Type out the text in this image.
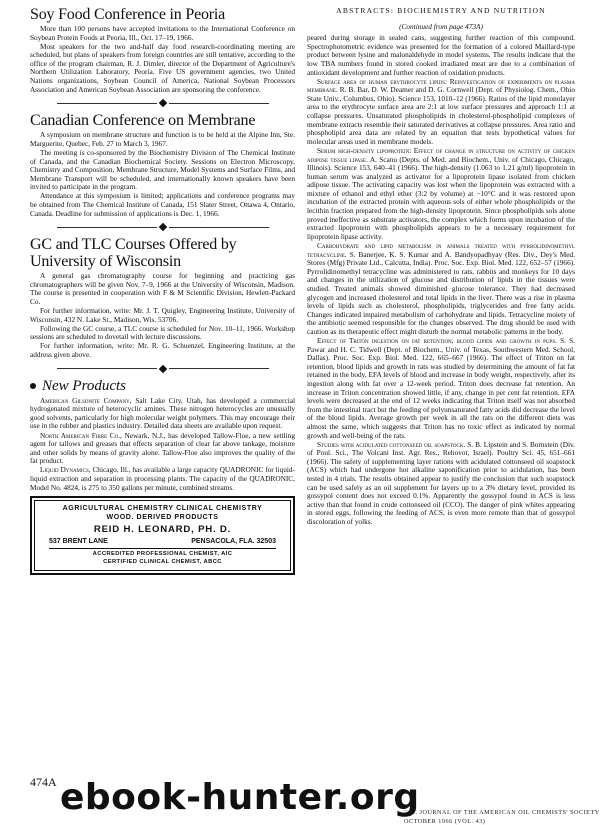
Soy Food Conference in Peoria

More than 100 persons have accepted invitations to the International Conference on Soybean Protein Foods at Peoria, Ill., Oct. 17–19, 1966.

Most speakers for the two and-half day food research-coordinating meeting are scheduled, but plans of speakers from foreign countries are still tentative, according to the office of the program chairman, R. J. Dimler, director of the Department of Agriculture's Northern Utilization Laboratory, Peoria. Five US government agencies, two United Nations organizations, Soybean Council of America, National Soybean Processors Association and American Soybean Association are sponsoring the conference.

Canadian Conference on Membrane

A symposium on membrane structure and function is to be held at the Alpine Inn, Ste. Marguerite, Quebec, Feb. 27 to March 3, 1967.

The meeting is co-sponsored by the Biochemistry Division of The Chemical Institute of Canada, and the Canadian Biochemical Society. Sessions on Electron Microscopy, Chemistry and Composition, Membrane Structure, Model Systems and Surface Films, and Membrane Transport will be scheduled, and internationally known speakers have been invited to participate in the program.

Attendance at this symposium is limited; applications and conference programs may be obtained from The Chemical Institute of Canada, 151 Slater Street, Ottawa 4, Ontario, Canada. Deadline for submission of applications is Dec. 1, 1966.

GC and TLC Courses Offered by University of Wisconsin

A general gas chromatography course for beginning and practicing gas chromatographers will be given Nov. 7–9, 1966 at the University of Wisconsin, Madison. The course is presented in cooperation with F & M Scientific Division, Hewlett-Packard Co.

For further information, write: Mr. J. T. Quigley, Engineering Institute, University of Wisconsin, 432 N. Lake St., Madison, Wis. 53706.

Following the GC course, a TLC course is scheduled for Nov. 10–11, 1966. Workshop sessions are scheduled to dovetail with lecture discussions.

For further information, write: Mr. R. G. Schuenzel, Engineering Institute, at the address given above.

New Products

American Gilsonite Company, Salt Lake City, Utah, has developed a commercial hydrogenated mixture of heterocyclic amines. These nitrogen heterocycles are unusually good solvents, particularly for high molecular weight polymers. This may encourage their use in the rubber and plastics industry. Detailed data sheets are available upon request.

North American Fibre Co., Newark, N.J., has developed Tallow-Floe, a new settling agent for tallows and greases that effects separation of clear fat above tankage, moisture and other solids by means of gravity alone. Tallow-Floe also improves the quality of the fat product.

Liquid Dynamics, Chicago, Ill., has available a large capacity QUADRONIC for liquid-liquid extraction and separation in processing plants. The capacity of the QUADRONIC, Model No. 4824, is 275 to 350 gallons per minute, combined streams.

AGRICULTURAL CHEMISTRY CLINICAL CHEMISTRY
WOOD. DERIVED PRODUCTS
REID H. LEONARD, PH. D.
537 BRENT LANE	PENSACOLA, FLA. 32503
ACCREDITED PROFESSIONAL CHEMIST, AIC
CERTIFIED CLINICAL CHEMIST, ABCC
ABSTRACTS: BIOCHEMISTRY AND NUTRITION
(Continued from page 473A)

peared during storage in sealed cans, suggesting further reaction of this compound. Spectrophotometric evidence was presented for the formation of a colored Maillard-type product between lysine and malonaldehyde in model systems. The results indicate that the low TBA numbers found in stored cooked irradiated meat are due to a combination of antioxidant development and further reaction of oxidation products.

Surface area of human erythrocyte lipids: Reinvestigation of experiments on plasma membrane. R. B. Bar, D. W. Deamer and D. G. Cornwell (Dept. of Physiolog. Chem., Ohio State Univ., Columbus, Ohio). Science 153, 1010–12 (1966). Ratios of the lipid monolayer area to the erythrocyte surface area are 2:1 at low surface pressures and approach 1:1 at collapse pressures. Unsaturated phospholipids in cholesterol-phospholipid complexes of membrane extracts resemble their saturated derivatives at collapse pressures. Area ratio and phospholipid area data are related by an equation that tests hypothetical values for molecular areas used in membrane models.

Serum high-density lipoprotein: Effect of change in structure on activity of chicken adipose tissue lipase. A. Scanu (Depts. of Med. and Biochem., Univ. of Chicago, Chicago, Illinois). Science 153, 640–41 (1966). The high-density (1.063 to 1.21 g/ml) lipoprotein in human serum was analyzed as activator for a lipoprotein lipase isolated from chicken adipose tissue. The activating capacity was lost when the lipoprotein was extracted with a mixture of ethanol and ethyl ether (3:2 by volume) at −10°C and it was restored upon incubation of the extracted protein with aqueous sols of either whole phospholipids or the lecithin fraction prepared from the high-density lipoprotein. Since phospholipids sols alone proved ineffective as substrate activators, the complex which forms upon incubation of the extracted lipoprotein with phospholipids appears to be a necessary requirement for lipoprotein lipase activity.

Carbohydrate and lipid metabolism in animals treated with pyrrolidinomethyl tetracycline. S. Banerjee, K. S. Kumar and A. Bandyopadhyay (Res. Div., Dey's Med. Stores (Mfg) Private Ltd., Calcutta, India). Proc. Soc. Exp. Biol. Med. 122, 652–57 (1966). Pyrrolidinomethyl tetracycline was administered to rats, rabbits and monkeys for 10 days and changes in the utilization of glucose and distribution of lipids in the tissues were studied. Treated animals showed diminished glucose tolerance. They had decreased glycogen and increased cholesterol and total lipids in the liver. There was a rise in plasma levels of lipids such as cholesterol, phospholipids, triglycerides and free fatty acids. Changes indicated impaired metabolism of carbohydrate and lipids. Tetracycline moiety of the antibiotic seemed responsible for the changes observed. The drug should be used with caution as its therapeutic effect might disturb the normal metabolic patterns in the body.

Effect of Triton ingestion on fat retention, blood lipids and growth in pups. S. S. Pawar and H. C. Tidwell (Dept. of Biochem., Univ. of Texas, Southwestern Med. School, Dallas). Proc. Soc. Exp. Biol. Med. 122, 665–667 (1966). The effect of Triton on fat retention, blood lipids and growth in rats was studied by determining the amount of fat fat retained in the body, EFA levels of blood and increase in body weight, respectively, after its ingestion along with fat over a 12-week period. Triton does decrease fat retention. An increase in Triton concentration showed little, if any, change in per cent fat retention. EFA levels were decreased at the end of 12 weeks indicating that Triton itself was not absorbed from the intestinal tract but the feeding of polyunsaturated fatty acids did decrease the level of the blood lipids. Average growth per week in all the rats on the different diets was almost the same, which suggests that Triton has no toxic effect as indicated by normal growth and well-being of the rats.

Studies with acidulated cottonseed oil soapstock. S. B. Lipstein and S. Bornstein (Div. of Poul. Sci., The Volcani Inst. Agr. Res., Rehovot, Israel). Poultry Sci. 45, 651–661 (1966). The safety of supplementing layer rations with acidulated cottonseed oil soapstock (ACS) which had undergone hot alkaline saponification prior to acidulation, has been tested in 4 trials. The results obtained appear to justify the conclusion that such soapstock can be used safely as an oil supplement for layers up to a 3% dietary level, provided its gossypol content does not exceed 0.1%. Apparently the gossypol found in ACS is less active than that found in crude cottonseed oil (CCO). The danger of pink whites appearing in stored eggs, following the feeding of ACS, is even more remote than that of gossypol discoloration of yolks.

474A
THE JOURNAL OF THE AMERICAN OIL CHEMISTS' SOCIETY OCTOBER 1966 (VOL. 43)
ebook-hunter.org
